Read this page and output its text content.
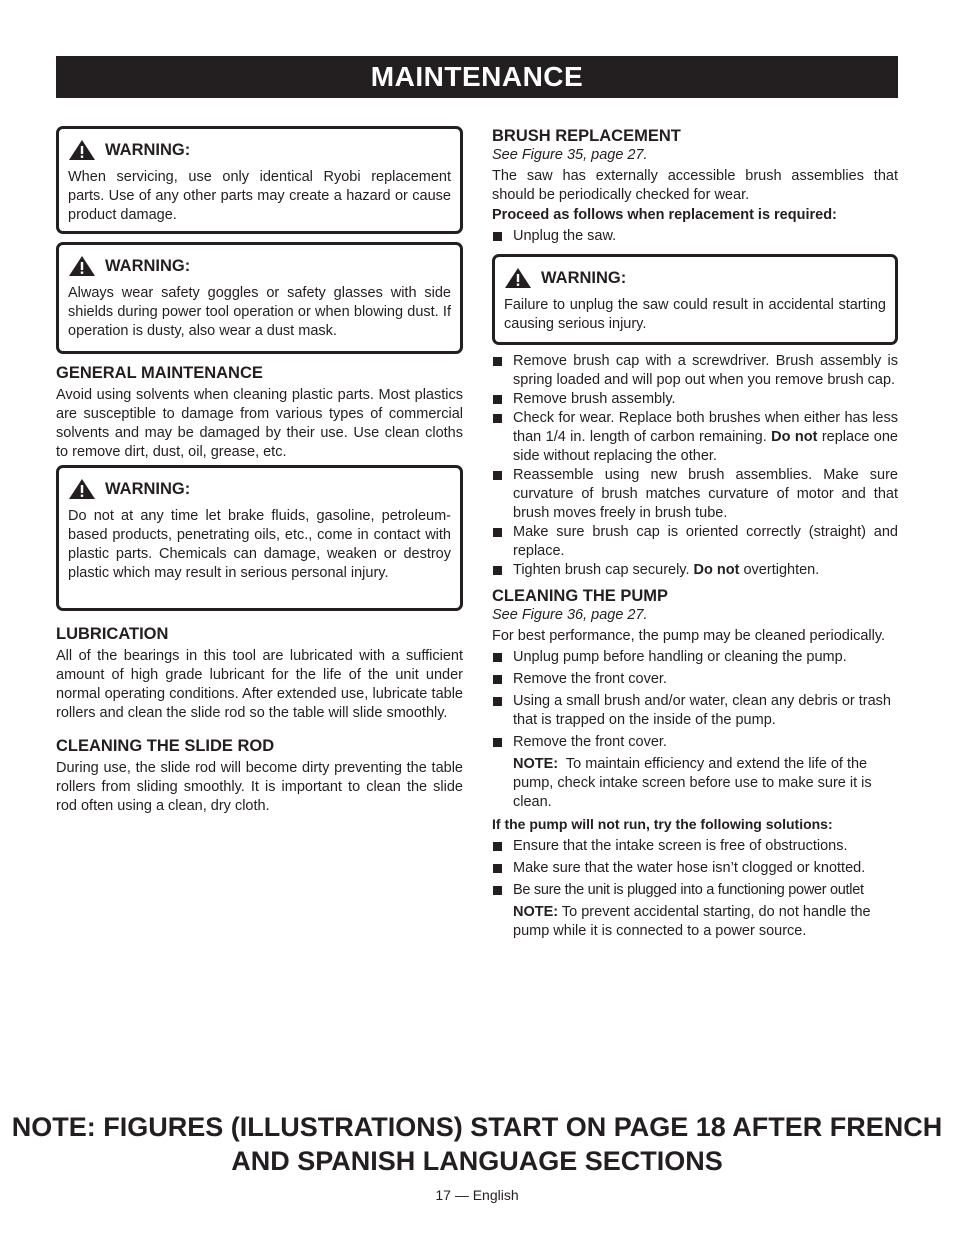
MAINTENANCE
WARNING:
When servicing, use only identical Ryobi replacement parts. Use of any other parts may create a hazard or cause product damage.
WARNING:
Always wear safety goggles or safety glasses with side shields during power tool operation or when blowing dust. If operation is dusty, also wear a dust mask.
GENERAL MAINTENANCE
Avoid using solvents when cleaning plastic parts. Most plastics are susceptible to damage from various types of commercial solvents and may be damaged by their use. Use clean cloths to remove dirt, dust, oil, grease, etc.
WARNING:
Do not at any time let brake fluids, gasoline, petroleum-based products, penetrating oils, etc., come in contact with plastic parts. Chemicals can damage, weaken or destroy plastic which may result in serious personal injury.
LUBRICATION
All of the bearings in this tool are lubricated with a sufficient amount of high grade lubricant for the life of the unit under normal operating conditions. After extended use, lubricate table rollers and clean the slide rod so the table will slide smoothly.
CLEANING THE SLIDE ROD
During use, the slide rod will become dirty preventing the table rollers from sliding smoothly. It is important to clean the slide rod often using a clean, dry cloth.
BRUSH REPLACEMENT
See Figure 35, page 27.
The saw has externally accessible brush assemblies that should be periodically checked for wear.
Proceed as follows when replacement is required:
Unplug the saw.
WARNING:
Failure to unplug the saw could result in accidental starting causing serious injury.
Remove brush cap with a screwdriver. Brush assembly is spring loaded and will pop out when you remove brush cap.
Remove brush assembly.
Check for wear. Replace both brushes when either has less than 1/4 in. length of carbon remaining. Do not replace one side without replacing the other.
Reassemble using new brush assemblies. Make sure curvature of brush matches curvature of motor and that brush moves freely in brush tube.
Make sure brush cap is oriented correctly (straight) and replace.
Tighten brush cap securely. Do not overtighten.
CLEANING THE PUMP
See Figure 36, page 27.
For best performance, the pump may be cleaned periodically.
Unplug pump before handling or cleaning the pump.
Remove the front cover.
Using a small brush and/or water, clean any debris or trash that is trapped on the inside of the pump.
Remove the front cover.
NOTE: To maintain efficiency and extend the life of the pump, check intake screen before use to make sure it is clean.
If the pump will not run, try the following solutions:
Ensure that the intake screen is free of obstructions.
Make sure that the water hose isn’t clogged or knotted.
Be sure the unit is plugged into a functioning power outlet
NOTE: To prevent accidental starting, do not handle the pump while it is connected to a power source.
NOTE: FIGURES (ILLUSTRATIONS) START ON PAGE 18 AFTER FRENCH AND SPANISH LANGUAGE SECTIONS
17 — English
